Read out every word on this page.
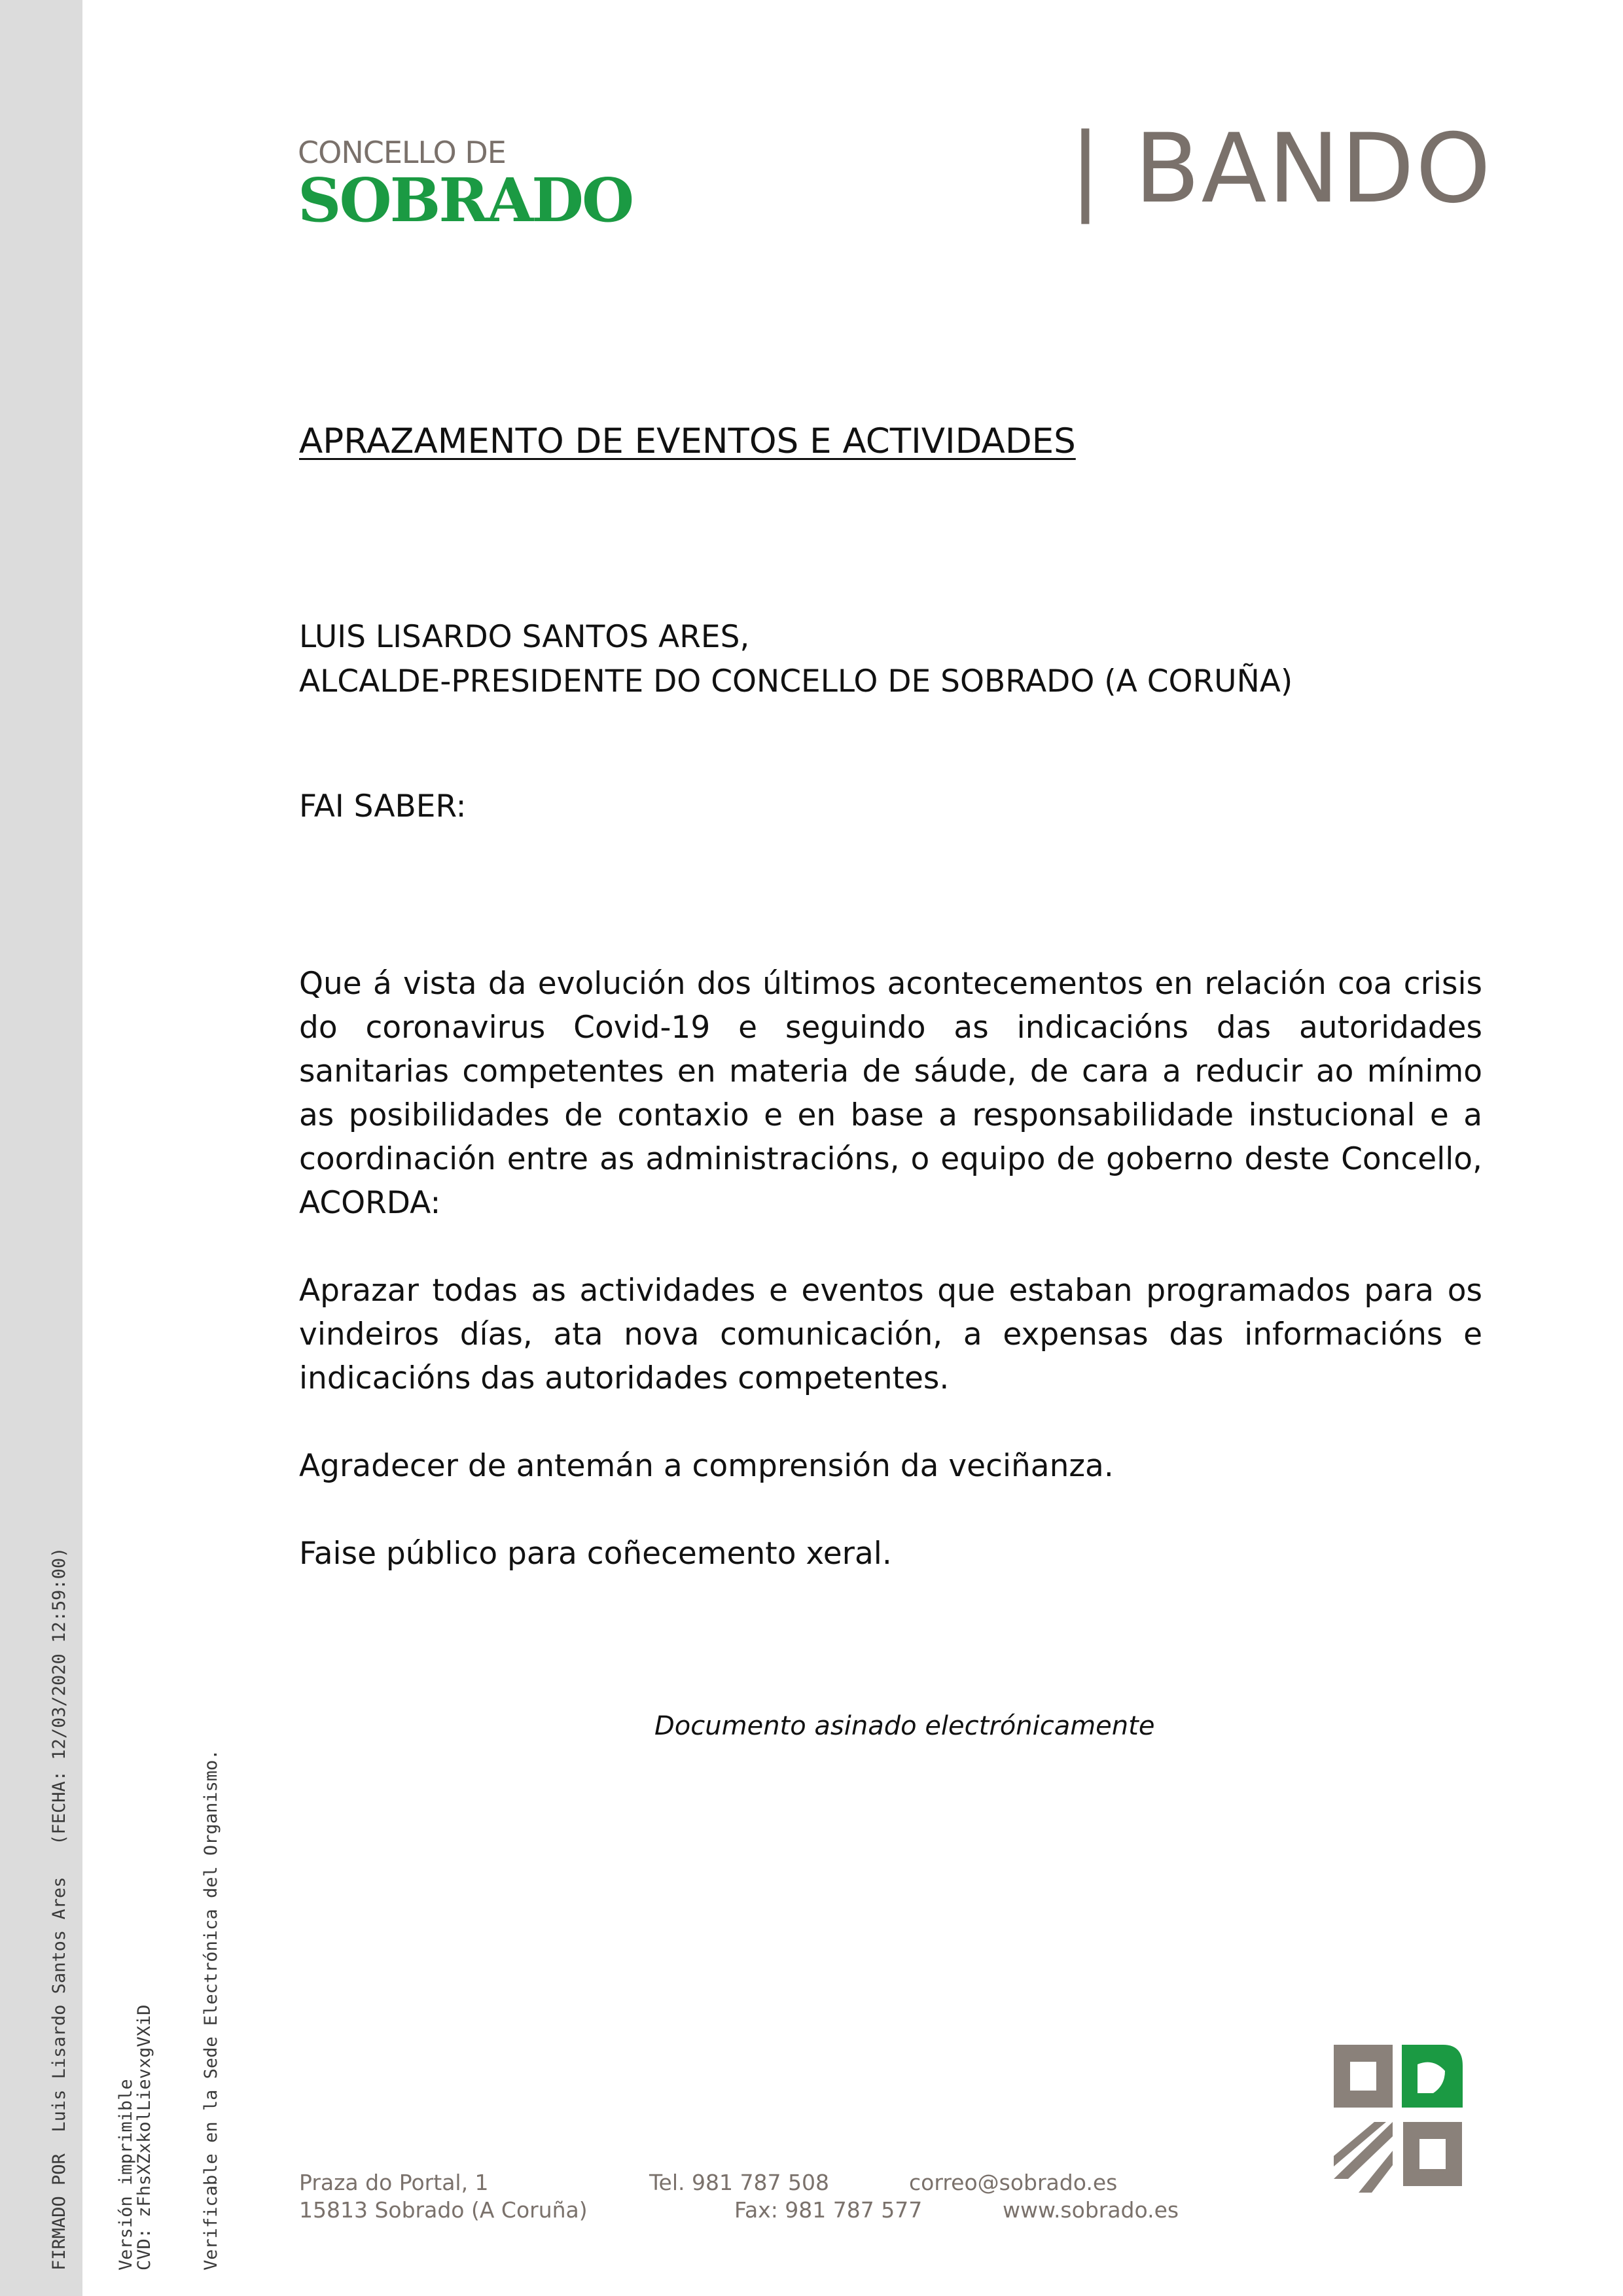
FIRMADO POR  Luis Lisardo Santos Ares   (FECHA: 12/03/2020 12:59:00)

	Versión imprimible

CVD: zFhsXZxkolLievxgVXiD

	Verificable en la Sede Electrónica del Organismo.

CONCELLO DE
SOBRADO	| BANDO
APRAZAMENTO DE EVENTOS E ACTIVIDADES
LUIS LISARDO SANTOS ARES,
ALCALDE-PRESIDENTE DO CONCELLO DE SOBRADO (A CORUÑA)
FAI SABER:

Que á vista da evolución dos últimos acontecementos en relación coa crisis do coronavirus Covid-19 e seguindo as indicacións das autoridades sanitarias competentes en materia de sáude, de cara a reducir ao mínimo as posibilidades de contaxio e en base a responsabilidade instucional e a coordinación entre as administracións, o equipo de goberno deste Concello, ACORDA:

Aprazar todas as actividades e eventos que estaban programados para os vindeiros días, ata nova comunicación, a expensas das informacións e indicacións das autoridades competentes.

Agradecer de antemán a comprensión da veciñanza.

Faise público para coñecemento xeral.

Documento asinado electrónicamente
Praza do Portal, 1
15813 Sobrado (A Coruña)
Tel. 981 787 508
Fax: 981 787 577
correo@sobrado.es
www.sobrado.es
